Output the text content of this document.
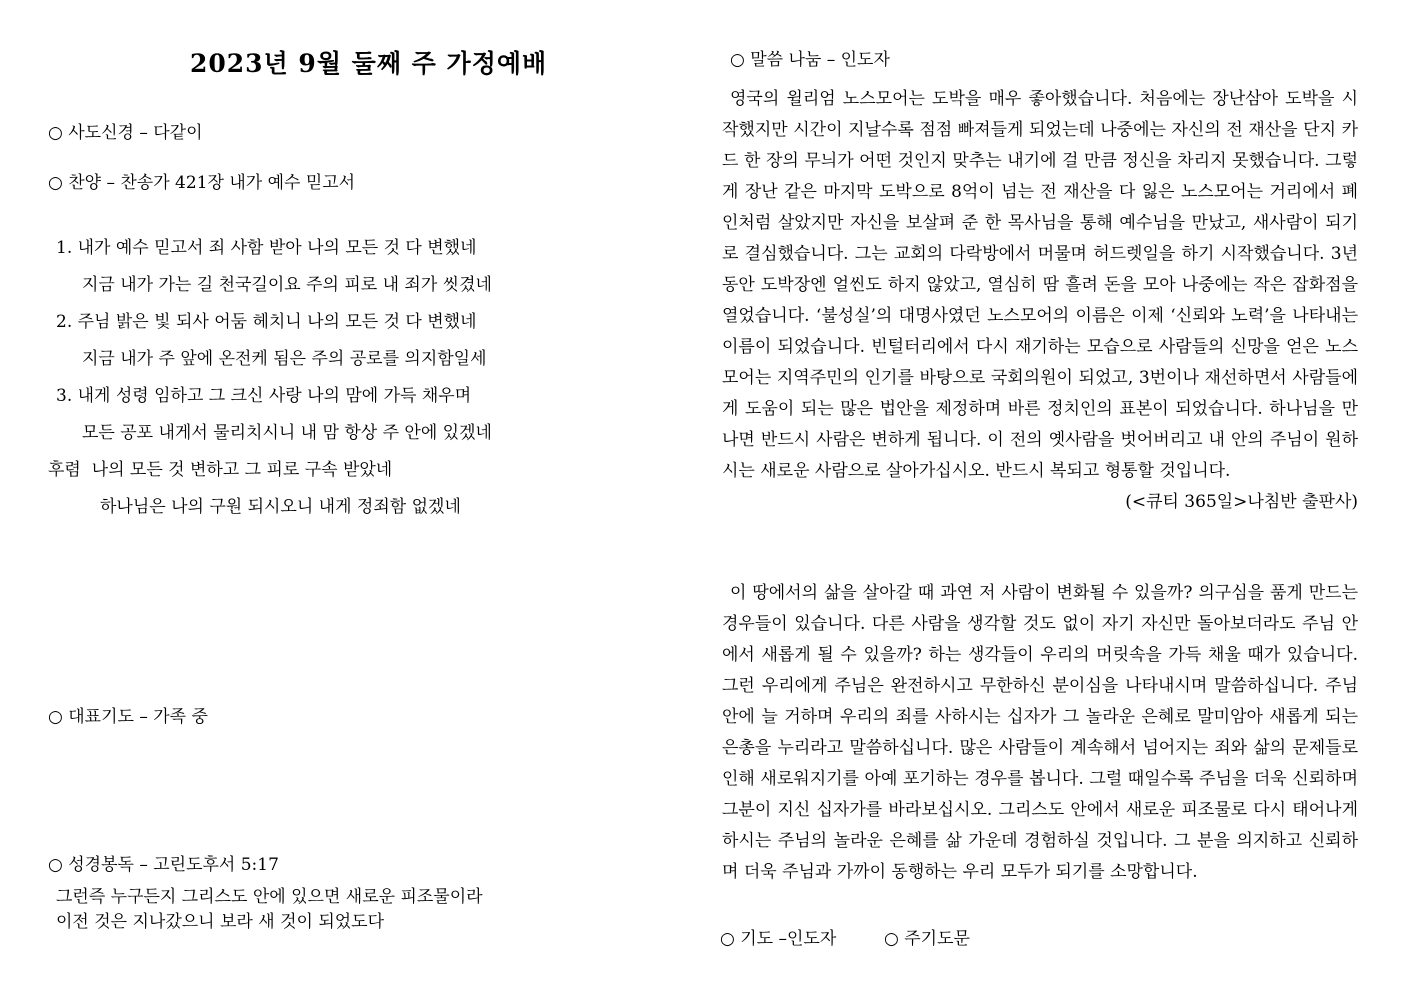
2023년 9월 둘째 주 가정예배
○ 사도신경 – 다같이
○ 찬양 – 찬송가 421장 내가 예수 믿고서
1. 내가 예수 믿고서 죄 사함 받아 나의 모든 것 다 변했네
지금 내가 가는 길 천국길이요 주의 피로 내 죄가 씻겼네
2. 주님 밝은 빛 되사 어둠 헤치니 나의 모든 것 다 변했네
지금 내가 주 앞에 온전케 됨은 주의 공로를 의지함일세
3. 내게 성령 임하고 그 크신 사랑 나의 맘에 가득 채우며
모든 공포 내게서 물리치시니 내 맘 항상 주 안에 있겠네
후렴  나의 모든 것 변하고 그 피로 구속 받았네
하나님은 나의 구원 되시오니 내게 정죄함 없겠네
○ 대표기도 – 가족 중
○ 성경봉독 – 고린도후서 5:17
그런즉 누구든지 그리스도 안에 있으면 새로운 피조물이라
이전 것은 지나갔으니 보라 새 것이 되었도다
○ 말씀 나눔 – 인도자

영국의 윌리엄 노스모어는 도박을 매우 좋아했습니다. 처음에는 장난삼아 도박을 시작했지만 시간이 지날수록 점점 빠져들게 되었는데 나중에는 자신의 전 재산을 단지 카드 한 장의 무늬가 어떤 것인지 맞추는 내기에 걸 만큼 정신을 차리지 못했습니다. 그렇게 장난 같은 마지막 도박으로 8억이 넘는 전 재산을 다 잃은 노스모어는 거리에서 폐인처럼 살았지만 자신을 보살펴 준 한 목사님을 통해 예수님을 만났고, 새사람이 되기로 결심했습니다. 그는 교회의 다락방에서 머물며 허드렛일을 하기 시작했습니다. 3년동안 도박장엔 얼씬도 하지 않았고, 열심히 땀 흘려 돈을 모아 나중에는 작은 잡화점을 열었습니다. ‘불성실’의 대명사였던 노스모어의 이름은 이제 ‘신뢰와 노력’을 나타내는 이름이 되었습니다. 빈털터리에서 다시 재기하는 모습으로 사람들의 신망을 얻은 노스모어는 지역주민의 인기를 바탕으로 국회의원이 되었고, 3번이나 재선하면서 사람들에게 도움이 되는 많은 법안을 제정하며 바른 정치인의 표본이 되었습니다. 하나님을 만나면 반드시 사람은 변하게 됩니다. 이 전의 옛사람을 벗어버리고 내 안의 주님이 원하시는 새로운 사람으로 살아가십시오. 반드시 복되고 형통할 것입니다.
(<큐티 365일>나침반 출판사)

이 땅에서의 삶을 살아갈 때 과연 저 사람이 변화될 수 있을까? 의구심을 품게 만드는 경우들이 있습니다. 다른 사람을 생각할 것도 없이 자기 자신만 돌아보더라도 주님 안에서 새롭게 될 수 있을까? 하는 생각들이 우리의 머릿속을 가득 채울 때가 있습니다. 그런 우리에게 주님은 완전하시고 무한하신 분이심을 나타내시며 말씀하십니다. 주님 안에 늘 거하며 우리의 죄를 사하시는 십자가 그 놀라운 은혜로 말미암아 새롭게 되는 은총을 누리라고 말씀하십니다. 많은 사람들이 계속해서 넘어지는 죄와 삶의 문제들로 인해 새로워지기를 아예 포기하는 경우를 봅니다. 그럴 때일수록 주님을 더욱 신뢰하며 그분이 지신 십자가를 바라보십시오. 그리스도 안에서 새로운 피조물로 다시 태어나게 하시는 주님의 놀라운 은혜를 삶 가운데 경험하실 것입니다. 그 분을 의지하고 신뢰하며 더욱 주님과 가까이 동행하는 우리 모두가 되기를 소망합니다.

○ 기도 –인도자	○ 주기도문
